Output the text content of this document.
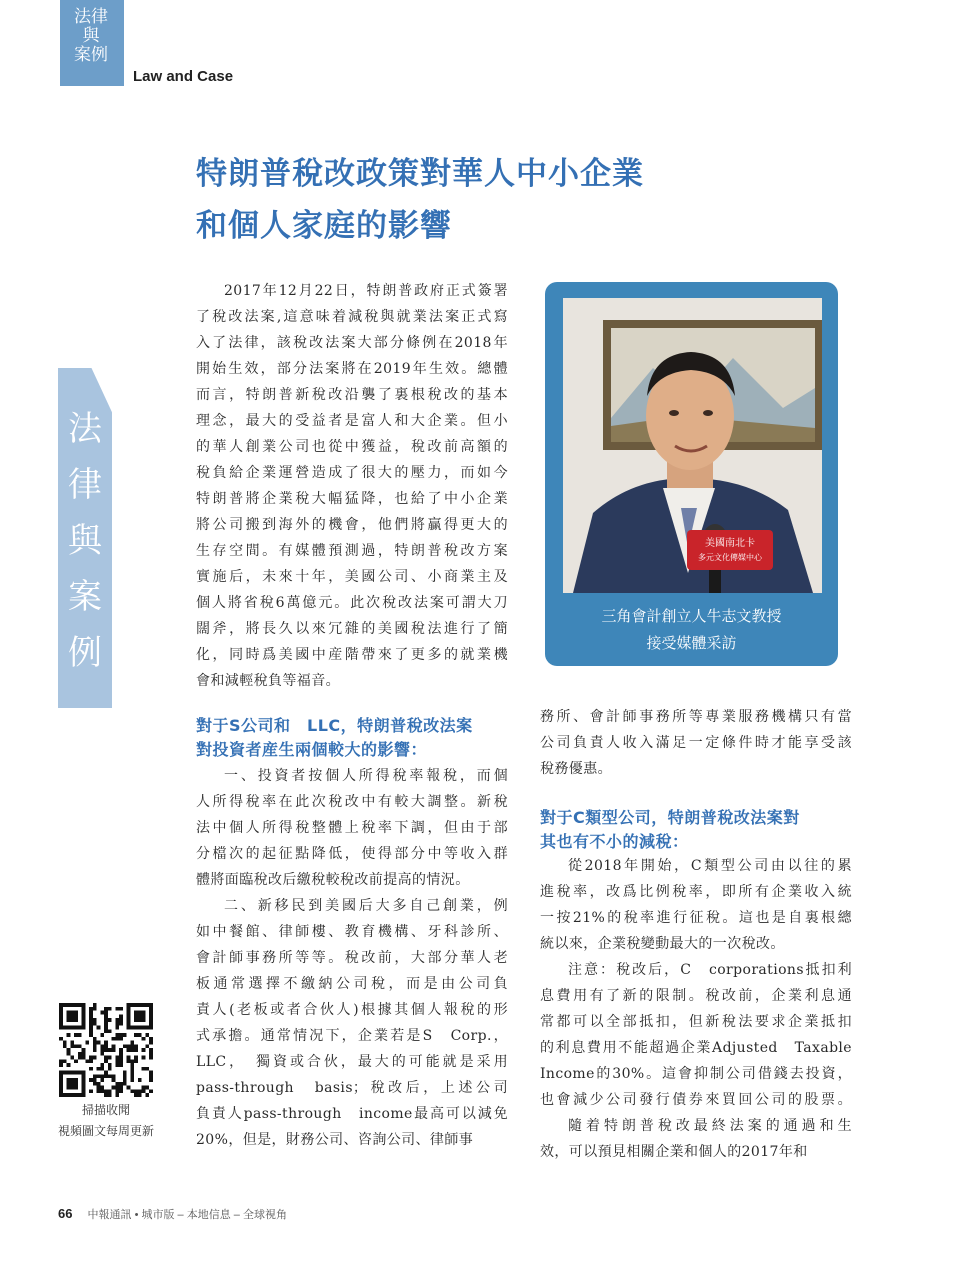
法律
與
案例
Law and Case
法
律
與
案
例
特朗普稅改政策對華人中小企業
和個人家庭的影響
2017年12月22日，特朗普政府正式簽署
了稅改法案,這意味着減稅與就業法案正式寫
入了法律，該稅改法案大部分條例在2018年
開始生效，部分法案將在2019年生效。總體
而言，特朗普新稅改沿襲了裏根稅改的基本
理念，最大的受益者是富人和大企業。但小
的華人創業公司也從中獲益，稅改前高額的
稅負給企業運營造成了很大的壓力，而如今
特朗普將企業稅大幅猛降，也給了中小企業
將公司搬到海外的機會，他們將贏得更大的
生存空間。有媒體預測過，特朗普稅改方案
實施后，未來十年，美國公司、小商業主及
個人將省稅6萬億元。此次稅改法案可謂大刀
闊斧，將長久以來冗雜的美國稅法進行了簡
化，同時爲美國中産階帶來了更多的就業機
會和減輕稅負等福音。
對于S公司和　LLC，特朗普稅改法案
對投資者産生兩個較大的影響：
一、投資者按個人所得稅率報稅，而個
人所得稅率在此次稅改中有較大調整。新稅
法中個人所得稅整體上稅率下調，但由于部
分檔次的起征點降低，使得部分中等收入群
體將面臨稅改后繳稅較稅改前提高的情況。
二、新移民到美國后大多自己創業，例
如中餐館、律師樓、教育機構、牙科診所、
會計師事務所等等。稅改前，大部分華人老
板通常選擇不繳納公司稅，而是由公司負
責人(老板或者合伙人)根據其個人報稅的形
式承擔。通常情况下，企業若是S　Corp.，
LLC，　獨資或合伙，最大的可能就是采用
pass-through　basis；稅改后，上述公司
負責人pass-through　income最高可以減免
20%，但是，財務公司、咨詢公司、律師事
美國南北卡
多元文化傳媒中心
三角會計創立人牛志文教授
接受媒體采訪
務所、會計師事務所等專業服務機構只有當
公司負責人收入滿足一定條件時才能享受該
稅務優惠。
對于C類型公司，特朗普稅改法案對
其也有不小的減稅：
從2018年開始，C類型公司由以往的累
進稅率，改爲比例稅率，即所有企業收入統
一按21%的稅率進行征稅。這也是自裏根總
統以來，企業稅變動最大的一次稅改。
注意：稅改后，C　corporations抵扣利
息費用有了新的限制。稅改前，企業利息通
常都可以全部抵扣，但新稅法要求企業抵扣
的利息費用不能超過企業Adjusted　Taxable
Income的30%。這會抑制公司借錢去投資，
也會減少公司發行債券來買回公司的股票。
隨着特朗普稅改最終法案的通過和生
效，可以預見相關企業和個人的2017年和
掃描收聞
視頻圖文每周更新
66 中報通訊 • 城市版 – 本地信息 – 全球視角
